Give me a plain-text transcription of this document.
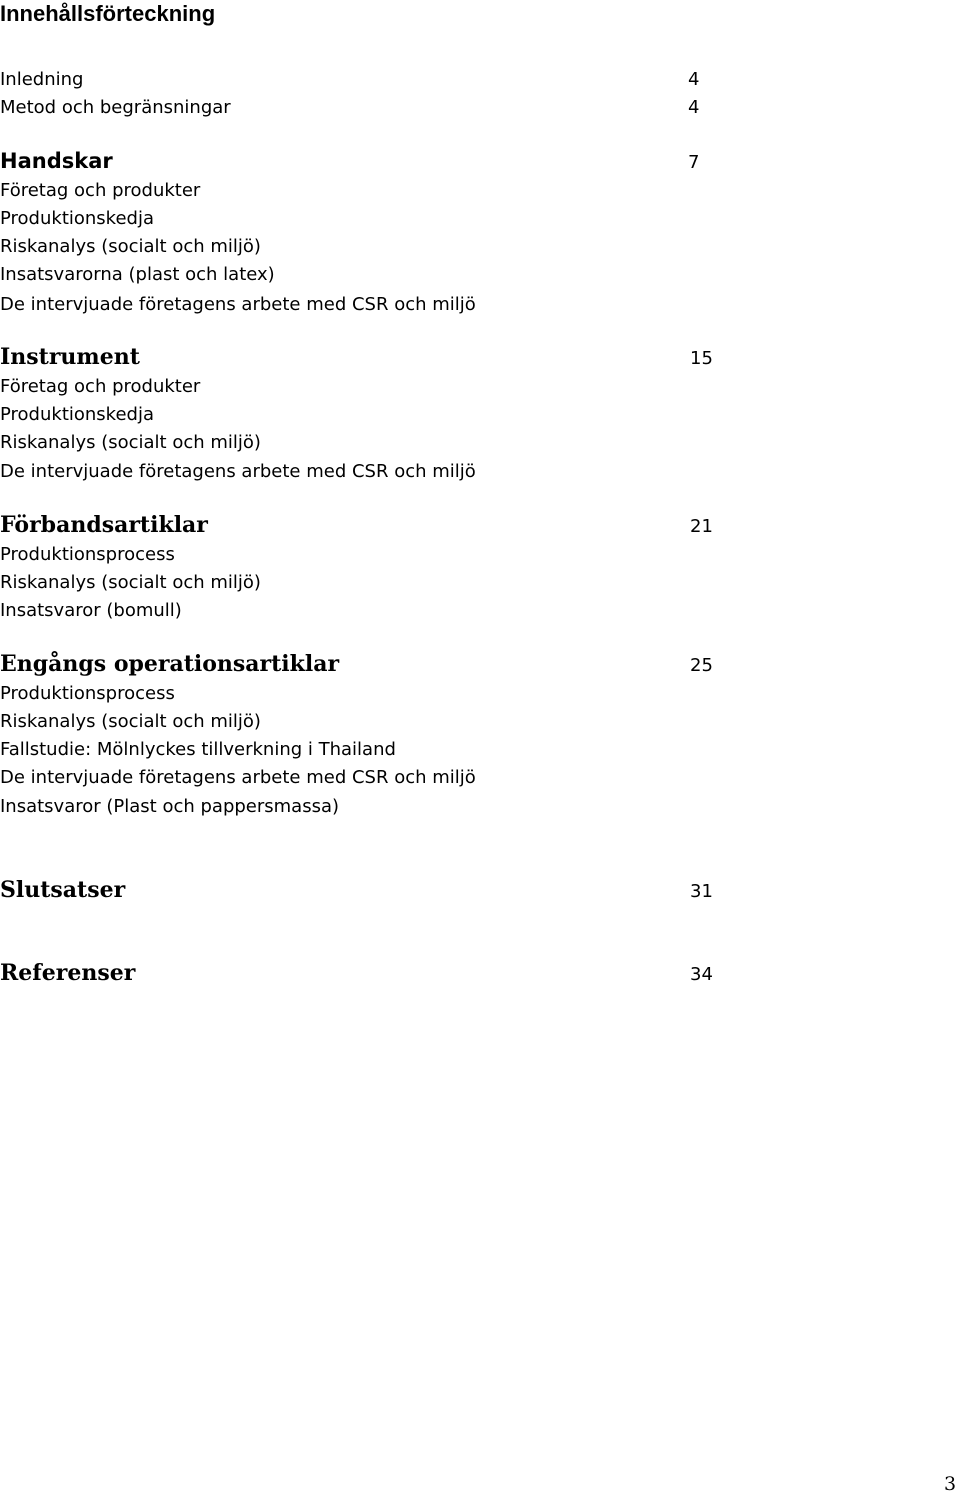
Innehållsförteckning
Inledning	4
Metod och begränsningar	4
Handskar	7
Företag och produkter
Produktionskedja
Riskanalys (socialt och miljö)
Insatsvarorna (plast och latex)
De intervjuade företagens arbete med CSR och miljö
Instrument	15
Företag och produkter
Produktionskedja
Riskanalys (socialt och miljö)
De intervjuade företagens arbete med CSR och miljö
Förbandsartiklar	21
Produktionsprocess
Riskanalys (socialt och miljö)
Insatsvaror (bomull)
Engångs operationsartiklar	25
Produktionsprocess
Riskanalys (socialt och miljö)
Fallstudie: Mölnlyckes tillverkning i Thailand
De intervjuade företagens arbete med CSR och miljö
Insatsvaror (Plast och pappersmassa)
Slutsatser	31
Referenser	34
3
